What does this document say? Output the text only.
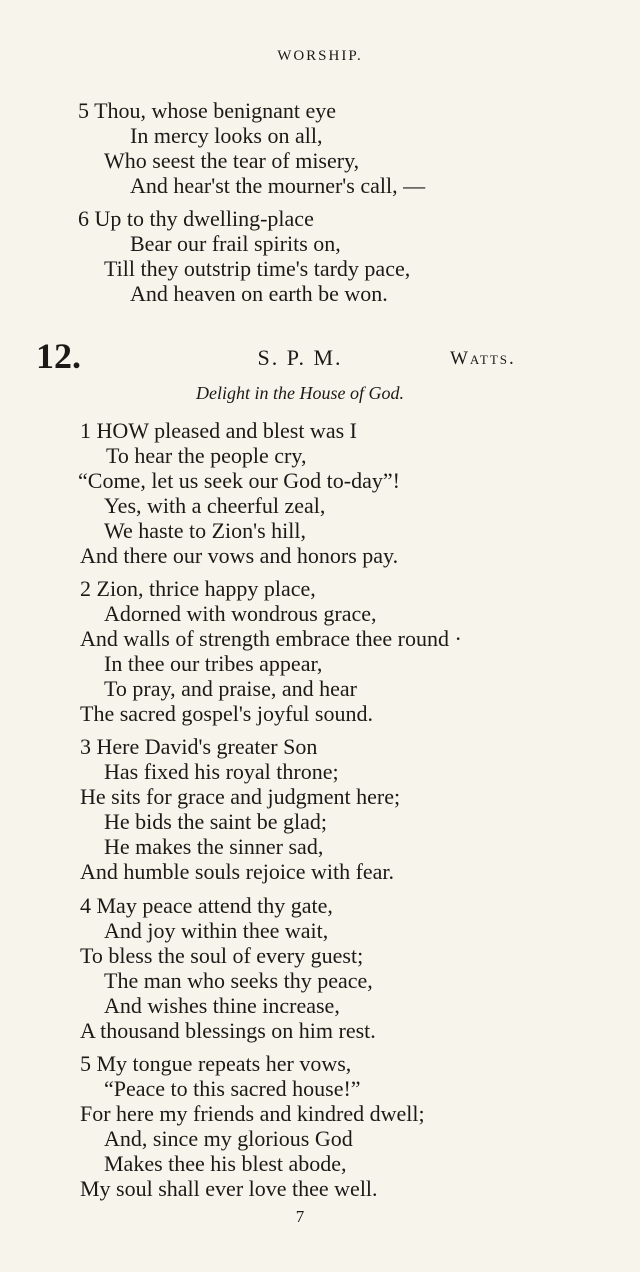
WORSHIP.
5 Thou, whose benignant eye
In mercy looks on all,
Who seest the tear of misery,
And hear'st the mourner's call, —
6 Up to thy dwelling-place
Bear our frail spirits on,
Till they outstrip time's tardy pace,
And heaven on earth be won.
12.	S. P. M.	Watts.
Delight in the House of God.
1 HOW pleased and blest was I
To hear the people cry,
“Come, let us seek our God to-day”!
Yes, with a cheerful zeal,
We haste to Zion's hill,
And there our vows and honors pay.
2 Zion, thrice happy place,
Adorned with wondrous grace,
And walls of strength embrace thee round ·
In thee our tribes appear,
To pray, and praise, and hear
The sacred gospel's joyful sound.
3 Here David's greater Son
Has fixed his royal throne;
He sits for grace and judgment here;
He bids the saint be glad;
He makes the sinner sad,
And humble souls rejoice with fear.
4 May peace attend thy gate,
And joy within thee wait,
To bless the soul of every guest;
The man who seeks thy peace,
And wishes thine increase,
A thousand blessings on him rest.
5 My tongue repeats her vows,
“Peace to this sacred house!”
For here my friends and kindred dwell;
And, since my glorious God
Makes thee his blest abode,
My soul shall ever love thee well.
7
